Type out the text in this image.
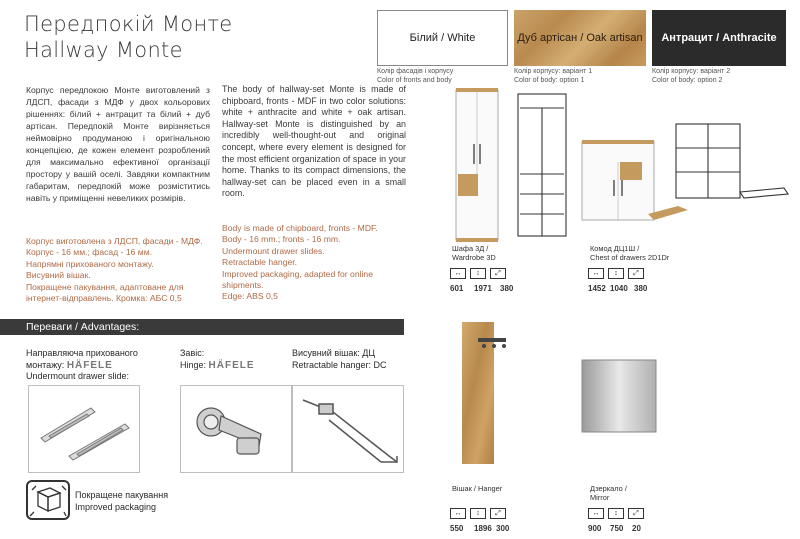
Передпокій Монте
Hallway Monte	Білий / White	Дуб артісан / Oak artisan	Антрацит / Anthracite
Колір фасадів і корпусу
Color of fronts and body
Колір корпусу: варіант 1
Color of body: option 1
Колір корпусу: варіант 2
Color of body: option 2
Корпус передпокою Монте виготовлений з ЛДСП, фасади з МДФ у двох кольорових рішеннях: білий + антрацит та білий + дуб артісан. Передпокій Монте вирізняється неймовірно продуманою і оригінальною концепцією, де кожен елемент розроблений для максимально ефективної організації простору у вашій оселі. Завдяки компактним габаритам, передпокій може розміститись навіть у приміщенні невеликих розмірів.
The body of hallway-set Monte is made of chipboard, fronts - MDF in two color solutions: white + anthracite and white + oak artisan. Hallway-set Monte is distinguished by an incredibly well-thought-out and original concept, where every element is designed for the most efficient organization of space in your home. Thanks to its compact dimensions, the hallway-set can be placed even in a small room.
Корпус виготовлена з ЛДСП, фасади - МДФ.
Корпус - 16 мм.; фасад - 16 мм.
Напрямні прихованого монтажу.
Висувний вішак.
Покращене пакування, адаптоване для інтернет-відправлень. Кромка: АБС 0,5
Body is made of chipboard, fronts - MDF.
Body - 16 mm.; fronts - 16 mm.
Undermount drawer slides.
Retractable hanger.
Improved packaging, adapted for online shipments.
Edge: ABS 0,5
Переваги / Advantages:
Направляюча прихованого
монтажу: HÄFELE
Undermount drawer slide:
Завіс:
Hinge: HÄFELE
Висувний вішак: ДЦ
Retractable hanger: DC
Покращене пакування
Improved packaging
Шафа 3Д /
Wardrobe 3D
↔	↕	⤢
601	1971	380
Комод ДЦ1Ш /
Chest of drawers 2D1Dr
↔	↕	⤢
1452 1040 380
Вішак / Hanger
↔	↕	⤢
550	1896 300
Дзеркало /
Mirror
↔	↕	⤢
900	750	20
